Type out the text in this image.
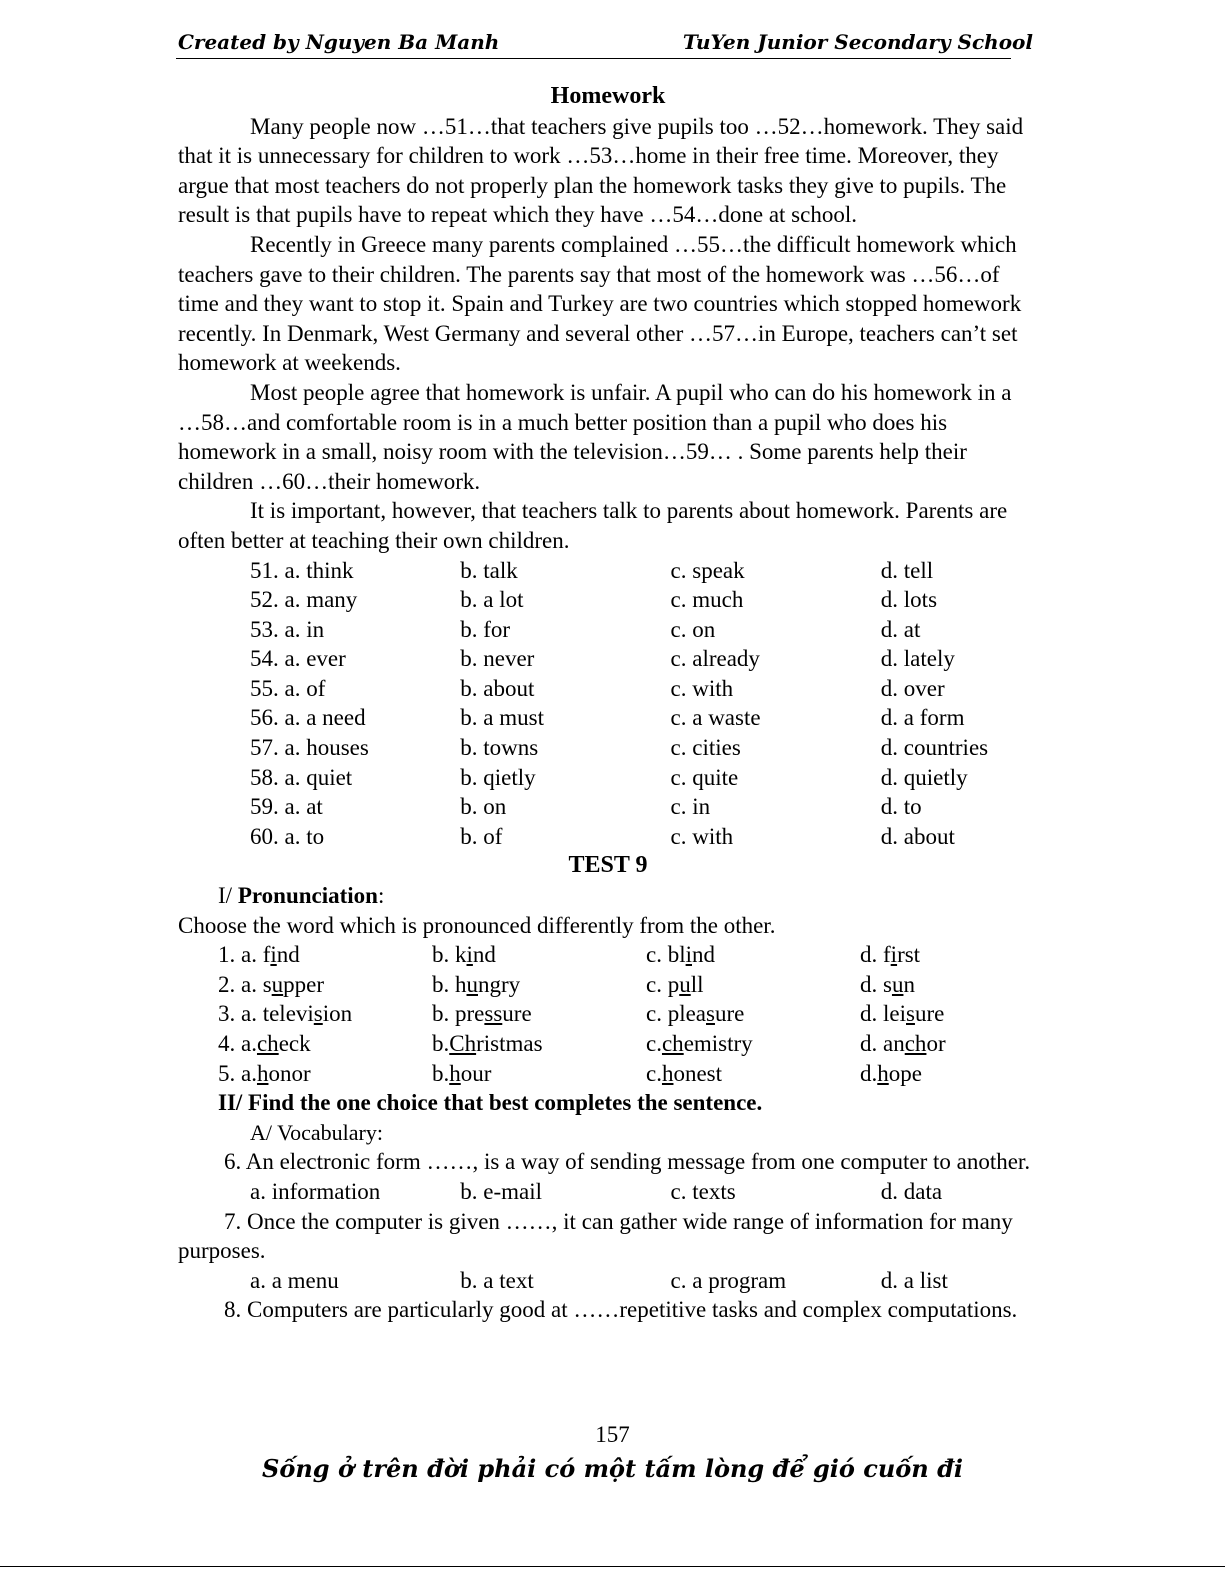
Created by Nguyen Ba Manh	TuYen Junior Secondary School
Homework

Many people now …51…that teachers give pupils too …52…homework. They said that it is unnecessary for children to work …53…home in their free time. Moreover, they argue that most teachers do not properly plan the homework tasks they give to pupils. The result is that pupils have to repeat which they have …54…done at school.

Recently in Greece many parents complained …55…the difficult homework which teachers gave to their children. The parents say that most of the homework was …56…of time and they want to stop it. Spain and Turkey are two countries which stopped homework recently. In Denmark, West Germany and several other …57…in Europe, teachers can’t set homework at weekends.

Most people agree that homework is unfair. A pupil who can do his homework in a …58…and comfortable room is in a much better position than a pupil who does his homework in a small, noisy room with the television…59… . Some parents help their children …60…their homework.

It is important, however, that teachers talk to parents about homework. Parents are often better at teaching their own children.

51. a. think	b. talk	c. speak	d. tell
52. a. many	b. a lot	c. much	d. lots
53. a. in	b. for	c. on	d. at
54. a. ever	b. never	c. already	d. lately
55. a. of	b. about	c. with	d. over
56. a. a need	b. a must	c. a waste	d. a form
57. a. houses	b. towns	c. cities	d. countries
58. a. quiet	b. qietly	c. quite	d. quietly
59. a. at	b. on	c. in	d. to
60. a. to	b. of	c. with	d. about
TEST 9
I/ Pronunciation:

Choose the word which is pronounced differently from the other.

1. a. find	b. kind	c. blind	d. first
2. a. supper	b. hungry	c. pull	d. sun
3. a. television	b. pressure	c. pleasure	d. leisure
4. a.check	b.Christmas	c.chemistry	d. anchor
5. a.honor	b.hour	c.honest	d.hope
II/ Find the one choice that best completes the sentence.
A/ Vocabulary:

6. An electronic form ……, is a way of sending message from one computer to another.

a. information	b. e-mail	c. texts	d. data

7. Once the computer is given ……, it can gather wide range of information for many purposes.

a. a menu	b. a text	c. a program	d. a list

8. Computers are particularly good at ……repetitive tasks and complex computations.

157
Sống ở trên đời phải có một tấm lòng để gió cuốn đi
